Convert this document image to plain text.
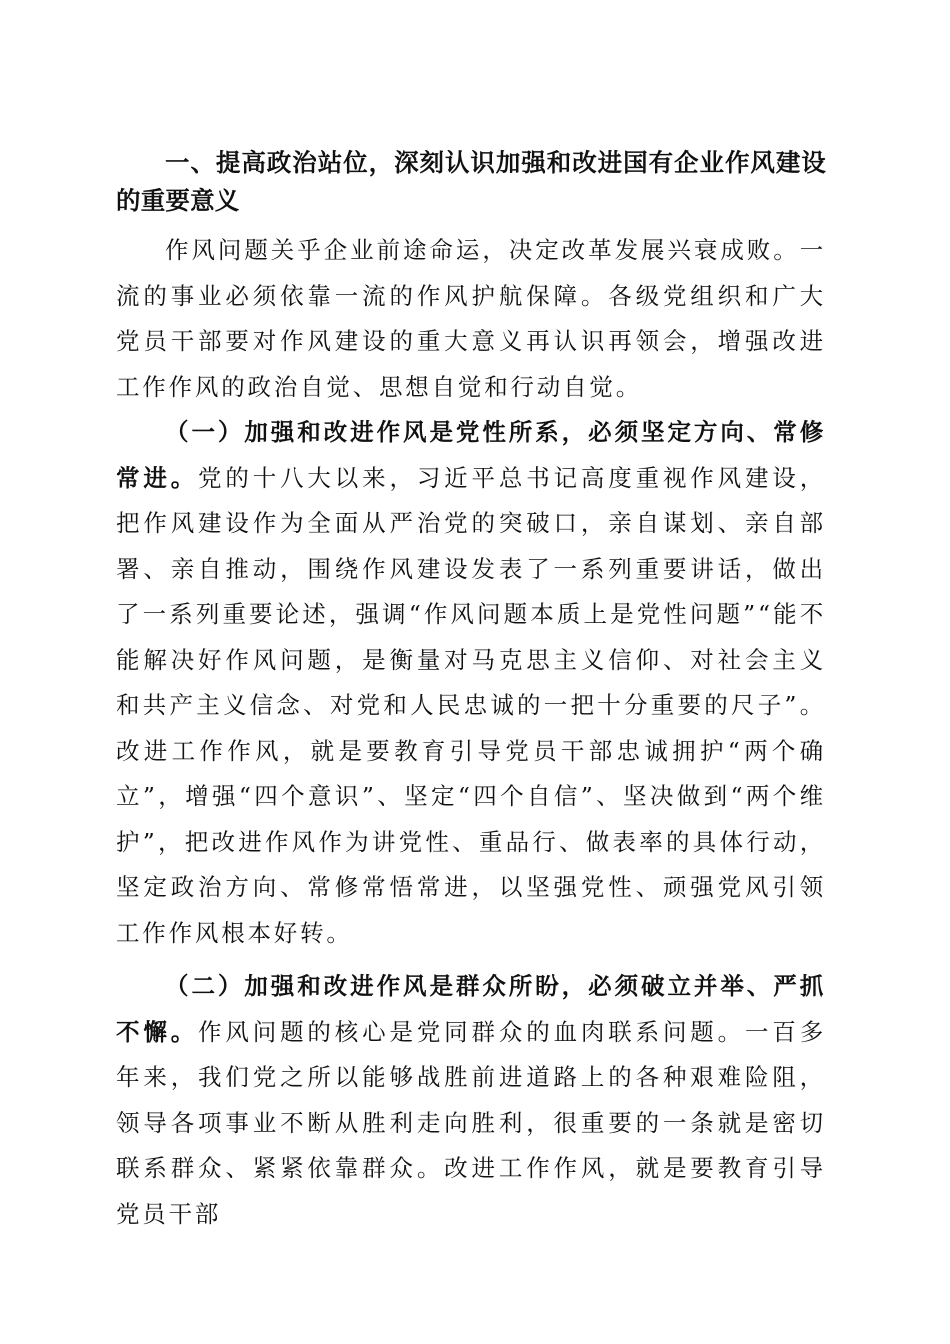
一、提高政治站位，深刻认识加强和改进国有企业作风建设的重要意义

作风问题关乎企业前途命运，决定改革发展兴衰成败。一流的事业必须依靠一流的作风护航保障。各级党组织和广大党员干部要对作风建设的重大意义再认识再领会，增强改进工作作风的政治自觉、思想自觉和行动自觉。

（一）加强和改进作风是党性所系，必须坚定方向、常修常进。党的十八大以来，习近平总书记高度重视作风建设，把作风建设作为全面从严治党的突破口，亲自谋划、亲自部署、亲自推动，围绕作风建设发表了一系列重要讲话，做出了一系列重要论述，强调“作风问题本质上是党性问题”“能不能解决好作风问题，是衡量对马克思主义信仰、对社会主义和共产主义信念、对党和人民忠诚的一把十分重要的尺子”。改进工作作风，就是要教育引导党员干部忠诚拥护“两个确立”，增强“四个意识”、坚定“四个自信”、坚决做到“两个维护”，把改进作风作为讲党性、重品行、做表率的具体行动，坚定政治方向、常修常悟常进，以坚强党性、顽强党风引领工作作风根本好转。

（二）加强和改进作风是群众所盼，必须破立并举、严抓不懈。作风问题的核心是党同群众的血肉联系问题。一百多年来，我们党之所以能够战胜前进道路上的各种艰难险阻，领导各项事业不断从胜利走向胜利，很重要的一条就是密切联系群众、紧紧依靠群众。改进工作作风，就是要教育引导党员干部
